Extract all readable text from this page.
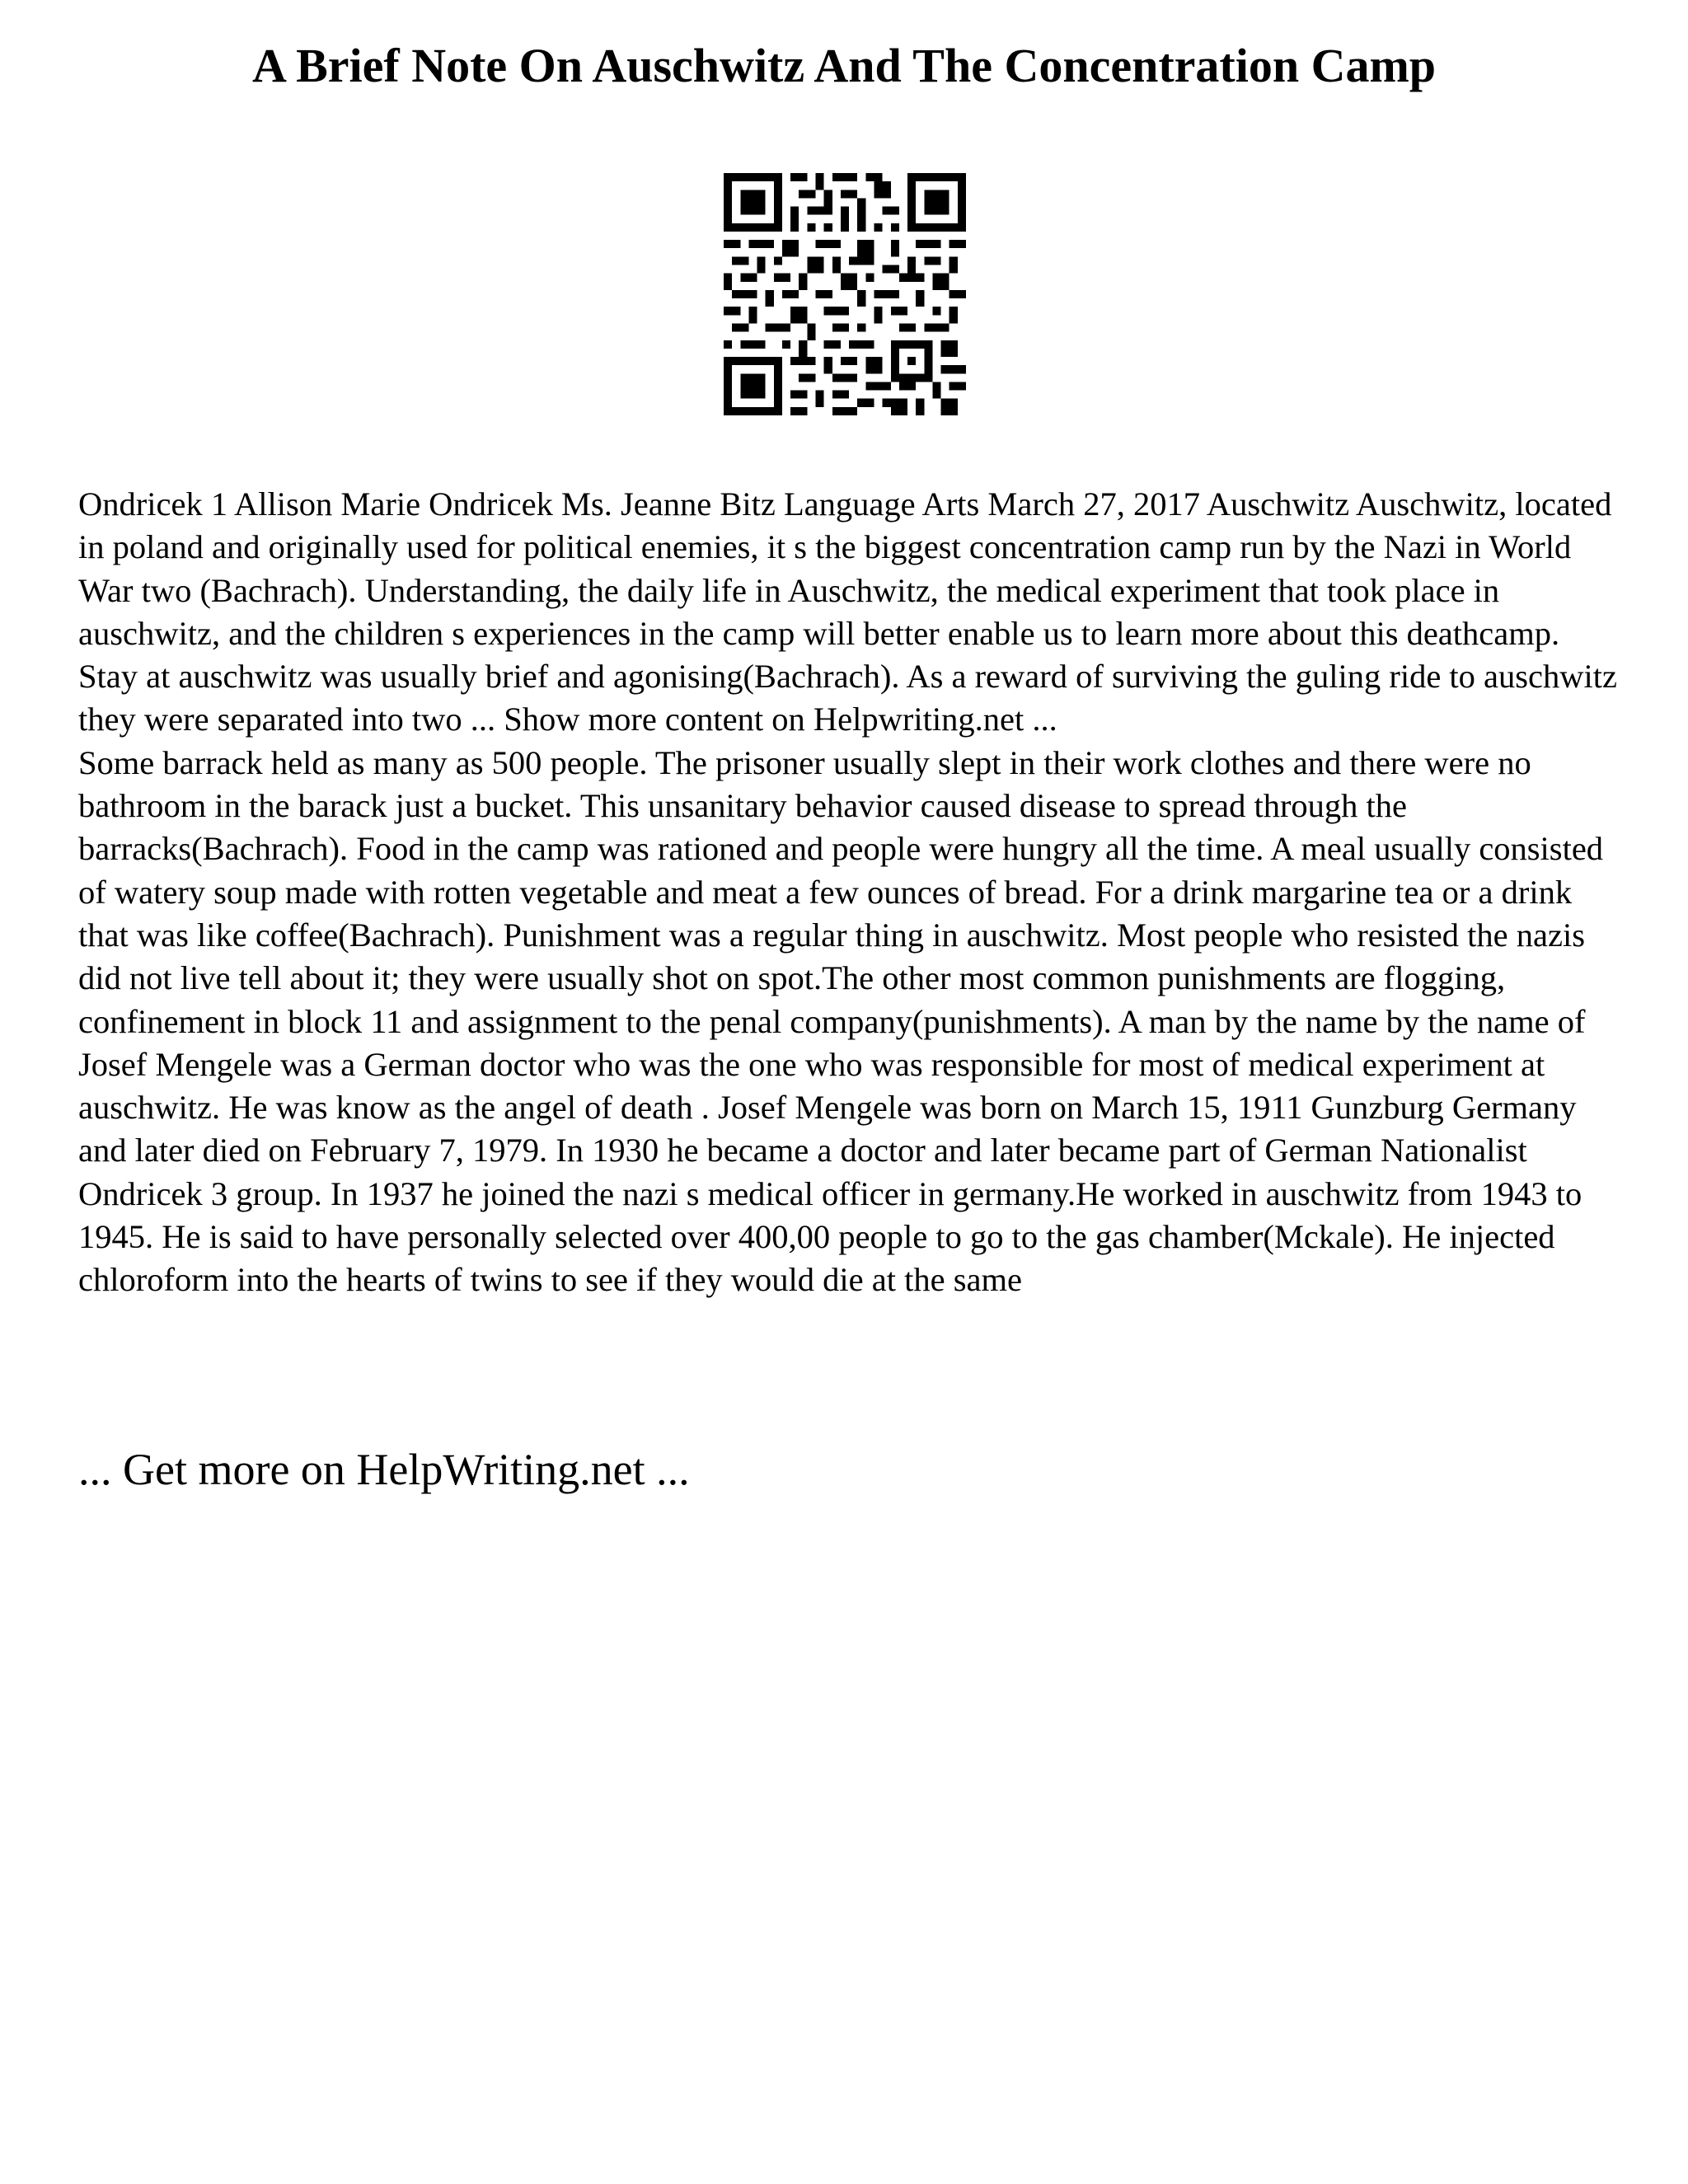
A Brief Note On Auschwitz And The Concentration Camp

Ondricek 1 Allison Marie Ondricek Ms. Jeanne Bitz Language Arts March 27, 2017 Auschwitz Auschwitz, located in poland and originally used for political enemies, it s the biggest concentration camp run by the Nazi in World War two (Bachrach). Understanding, the daily life in Auschwitz, the medical experiment that took place in auschwitz, and the children s experiences in the camp will better enable us to learn more about this deathcamp. Stay at auschwitz was usually brief and agonising(Bachrach). As a reward of surviving the guling ride to auschwitz they were separated into two ... Show more content on Helpwriting.net ...

Some barrack held as many as 500 people. The prisoner usually slept in their work clothes and there were no bathroom in the barack just a bucket. This unsanitary behavior caused disease to spread through the barracks(Bachrach). Food in the camp was rationed and people were hungry all the time. A meal usually consisted of watery soup made with rotten vegetable and meat a few ounces of bread. For a drink margarine tea or a drink that was like coffee(Bachrach). Punishment was a regular thing in auschwitz. Most people who resisted the nazis did not live tell about it; they were usually shot on spot.The other most common punishments are flogging, confinement in block 11 and assignment to the penal company(punishments). A man by the name by the name of Josef Mengele was a German doctor who was the one who was responsible for most of medical experiment at auschwitz. He was know as the angel of death . Josef Mengele was born on March 15, 1911 Gunzburg Germany and later died on February 7, 1979. In 1930 he became a doctor and later became part of German Nationalist Ondricek 3 group. In 1937 he joined the nazi s medical officer in germany.He worked in auschwitz from 1943 to 1945. He is said to have personally selected over 400,00 people to go to the gas chamber(Mckale). He injected chloroform into the hearts of twins to see if they would die at the same

... Get more on HelpWriting.net ...
